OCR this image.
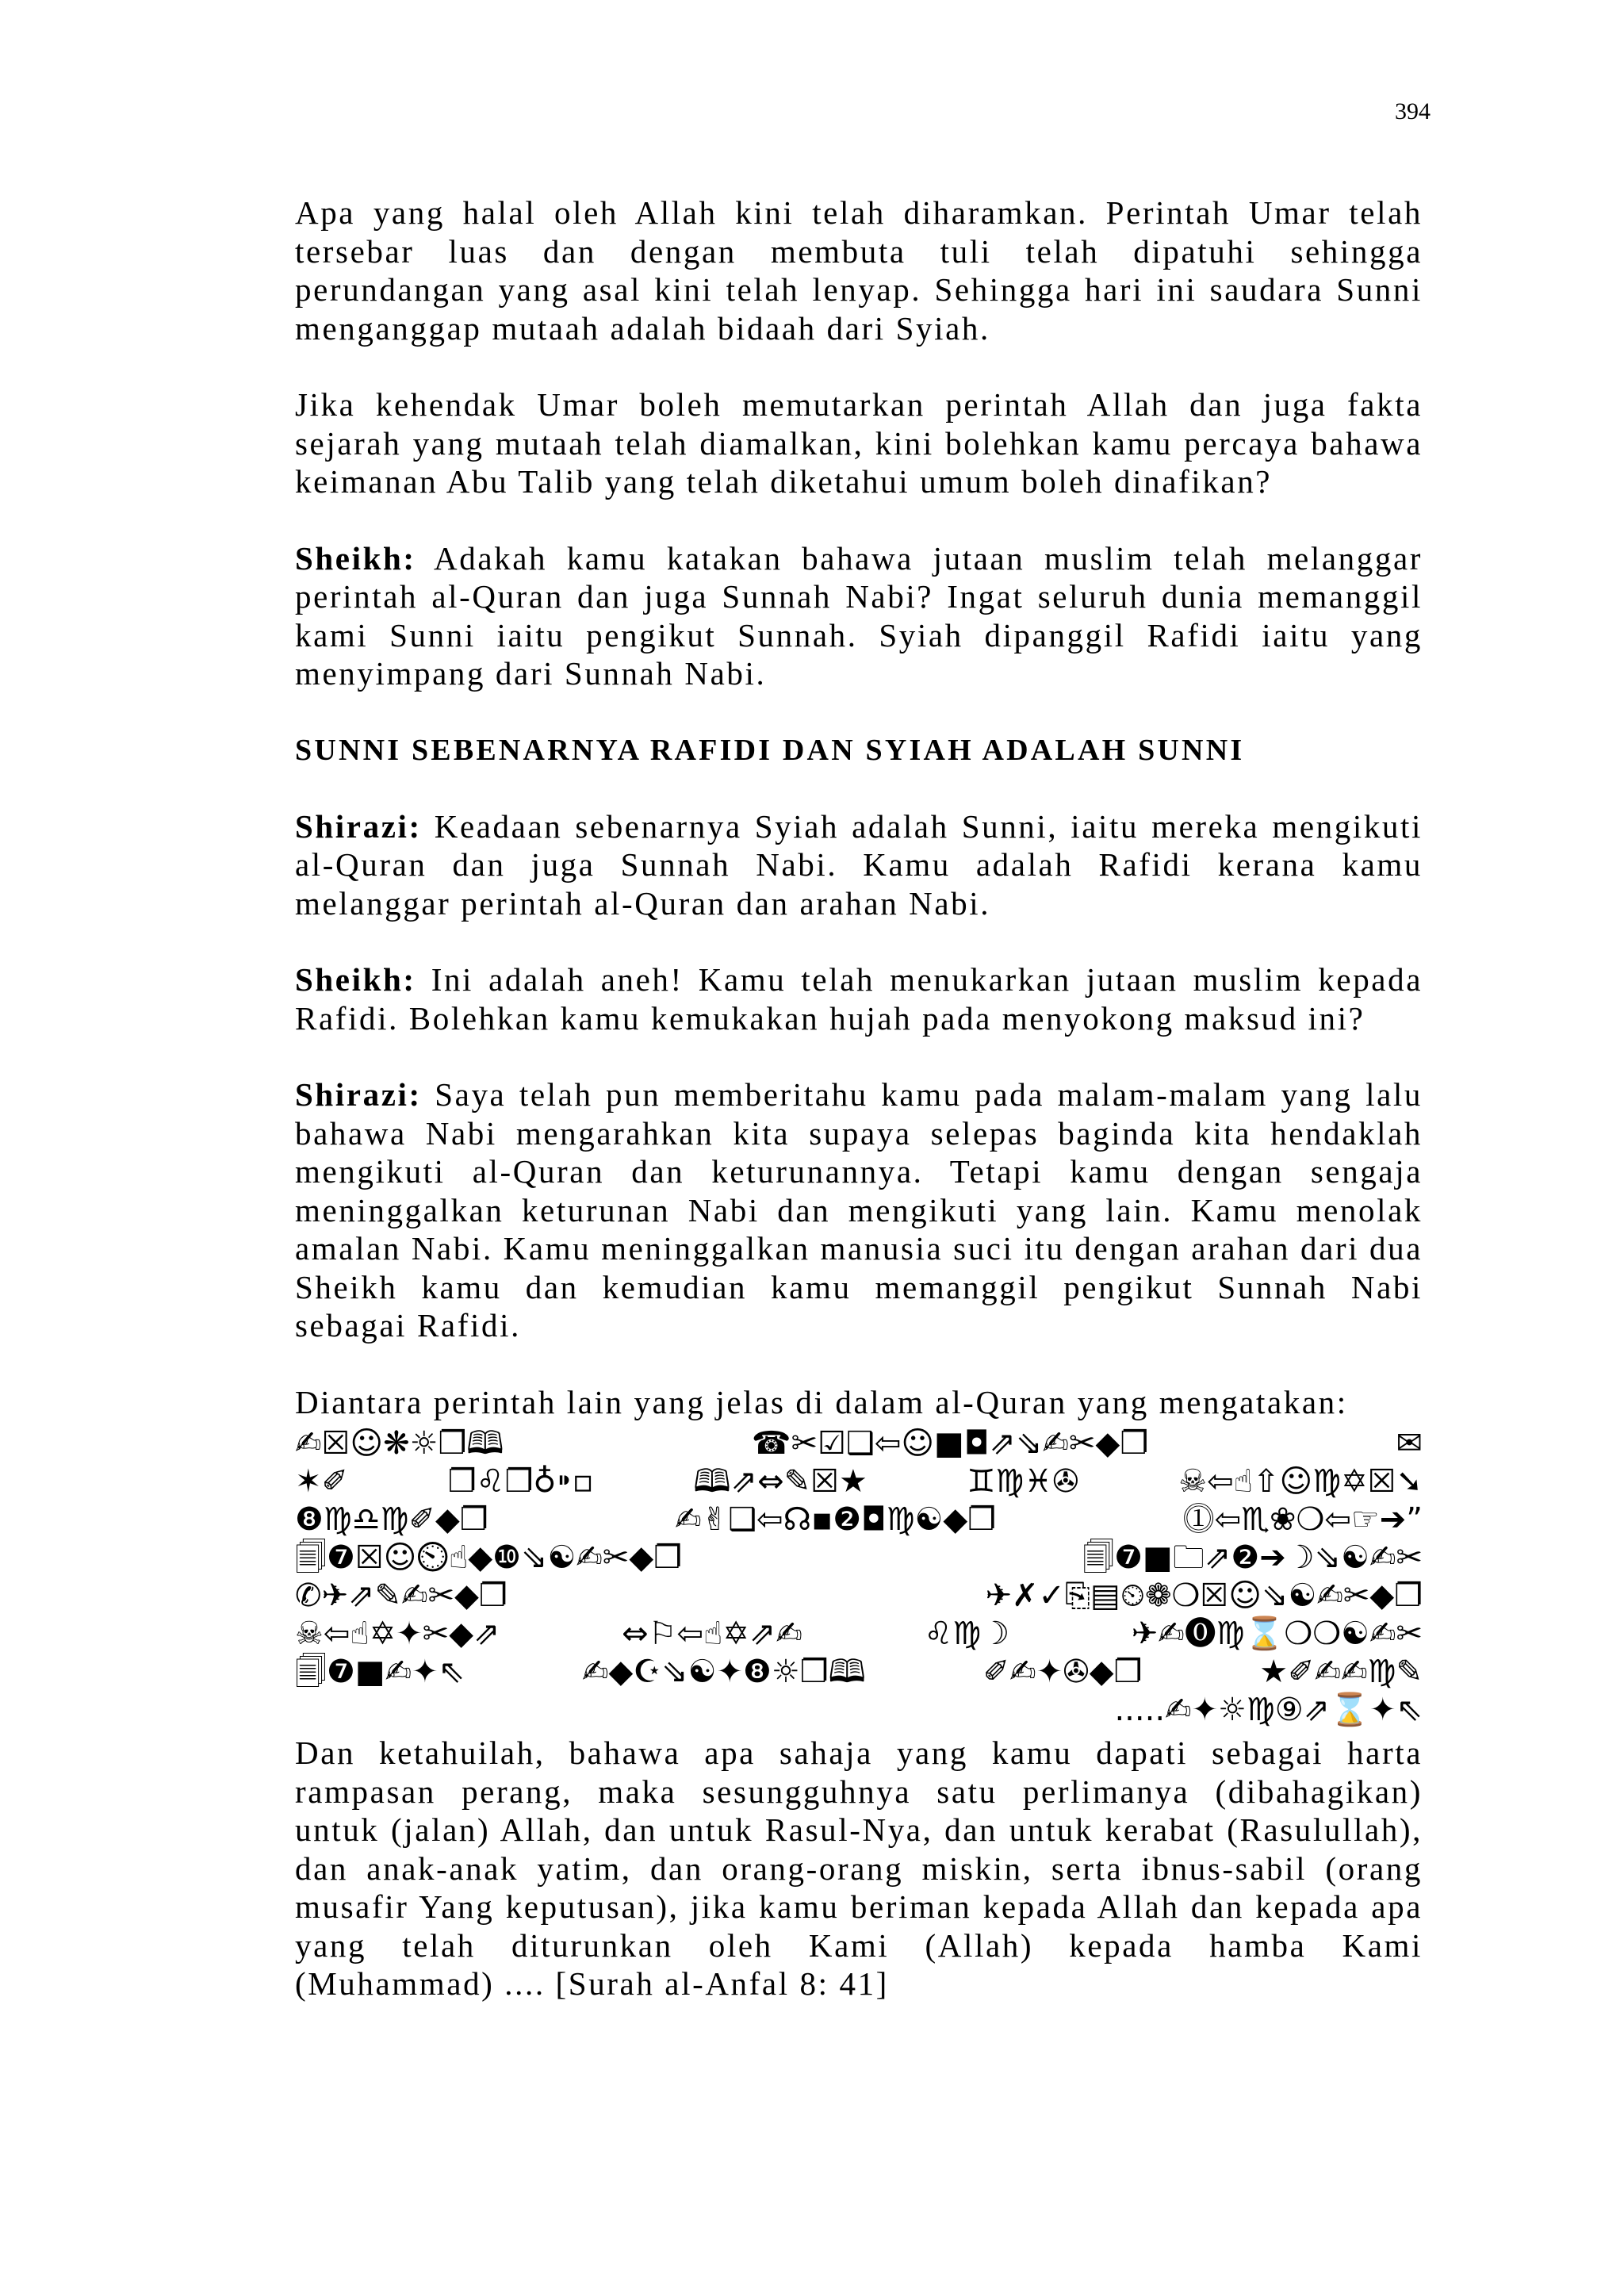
394

Apa yang halal oleh Allah kini telah diharamkan. Perintah Umar telah tersebar luas dan dengan membuta tuli telah dipatuhi sehingga perundangan yang asal kini telah lenyap. Sehingga hari ini saudara Sunni menganggap mutaah adalah bidaah dari Syiah.

Jika kehendak Umar boleh memutarkan perintah Allah dan juga fakta sejarah yang mutaah telah diamalkan, kini bolehkan kamu percaya bahawa keimanan Abu Talib yang telah diketahui umum boleh dinafikan?

Sheikh: Adakah kamu katakan bahawa jutaan muslim telah melanggar perintah al-Quran dan juga Sunnah Nabi? Ingat seluruh dunia memanggil kami Sunni iaitu pengikut Sunnah. Syiah dipanggil Rafidi iaitu yang menyimpang dari Sunnah Nabi.

SUNNI SEBENARNYA RAFIDI DAN SYIAH ADALAH SUNNI

Shirazi: Keadaan sebenarnya Syiah adalah Sunni, iaitu mereka mengikuti al-Quran dan juga Sunnah Nabi. Kamu adalah Rafidi kerana kamu melanggar perintah al-Quran dan arahan Nabi.

Sheikh: Ini adalah aneh! Kamu telah menukarkan jutaan muslim kepada Rafidi. Bolehkan kamu kemukakan hujah pada menyokong maksud ini?

Shirazi: Saya telah pun memberitahu kamu pada malam-malam yang lalu bahawa Nabi mengarahkan kita supaya selepas baginda kita hendaklah mengikuti al-Quran dan keturunannya. Tetapi kamu dengan sengaja meninggalkan keturunan Nabi dan mengikuti yang lain. Kamu menolak amalan Nabi. Kamu meninggalkan manusia suci itu dengan arahan dari dua Sheikh kamu dan kemudian kamu memanggil pengikut Sunnah Nabi sebagai Rafidi.

Diantara perintah lain yang jelas di dalam al-Quran yang mengatakan:

✍☒☺❋☼❐🕮	☎✂☑❑⇦☺■◘⇗⇘✍✂◆❐	✉
✶✐	❐♌❐♁⁍▫	🕮⇗⇔✎☒★	♊♍♓✇	☠⇦☝⇧☺♍✡☒➘
❽♍♎♍✐◆❐	✍✌❑⇦☊▪❷◘♍☯◆❐	⓵⇦♏❀❍⇦☞➔”
🗐❼☒☺⏲☝◆❿⇘☯✍✂◆❐	🗐❼■🗀⇗❷➔☽⇘☯✍✂
✆✈⇗✎✍✂◆❐	✈✗✓⎘▤⏲❁❍☒☺⇘☯✍✂◆❐
☠⇦☝✡✦✂◆⇗	⇔⚐⇦☝✡⇗✍	♌♍☽	✈✍⓿♍⌛❍❍☯✍✂
🗐❼■✍✦⇖	✍◆☪⇘☯✦❽☼❐🕮	✐✍✦✇◆❐	★✐✍✍♍✎
.....✍✦☼♍⑨⇗⌛✦⇖

Dan ketahuilah, bahawa apa sahaja yang kamu dapati sebagai harta rampasan perang, maka sesungguhnya satu perlimanya (dibahagikan) untuk (jalan) Allah, dan untuk Rasul-Nya, dan untuk kerabat (Rasulullah), dan anak-anak yatim, dan orang-orang miskin, serta ibnus-sabil (orang musafir Yang keputusan), jika kamu beriman kepada Allah dan kepada apa yang telah diturunkan oleh Kami (Allah) kepada hamba Kami (Muhammad) .... [Surah al-Anfal 8: 41]
